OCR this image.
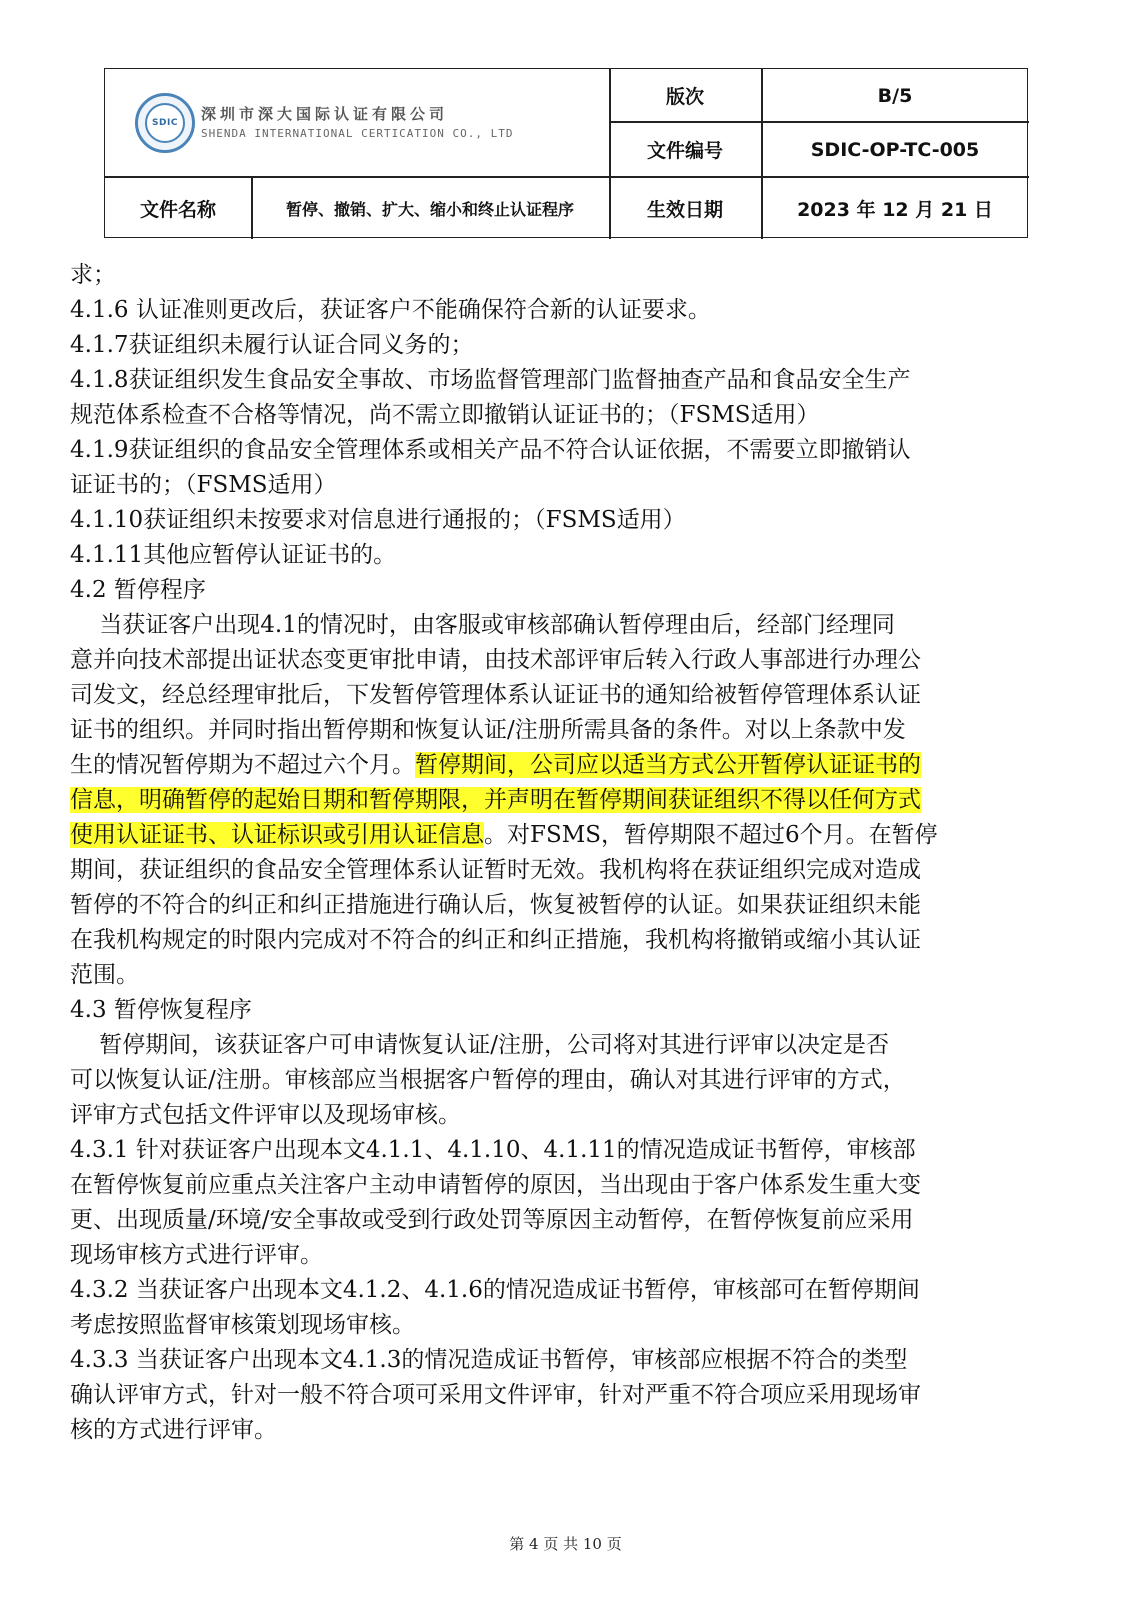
SDIC 深圳市深大国际认证有限公司
SHENDA INTERNATIONAL CERTICATION CO., LTD
版次	B/5
文件编号	SDIC-OP-TC-005
文件名称	暂停、撤销、扩大、缩小和终止认证程序	生效日期	2023 年 12 月 21 日
求；
4.1.6 认证准则更改后，获证客户不能确保符合新的认证要求。
4.1.7获证组织未履行认证合同义务的；
4.1.8获证组织发生食品安全事故、市场监督管理部门监督抽查产品和食品安全生产
规范体系检查不合格等情况，尚不需立即撤销认证证书的；（FSMS适用）
4.1.9获证组织的食品安全管理体系或相关产品不符合认证依据，不需要立即撤销认
证证书的；（FSMS适用）
4.1.10获证组织未按要求对信息进行通报的；（FSMS适用）
4.1.11其他应暂停认证证书的。
4.2 暂停程序
当获证客户出现4.1的情况时，由客服或审核部确认暂停理由后，经部门经理同
意并向技术部提出证状态变更审批申请，由技术部评审后转入行政人事部进行办理公
司发文，经总经理审批后，下发暂停管理体系认证证书的通知给被暂停管理体系认证
证书的组织。并同时指出暂停期和恢复认证/注册所需具备的条件。对以上条款中发
生的情况暂停期为不超过六个月。暂停期间，公司应以适当方式公开暂停认证证书的
信息，明确暂停的起始日期和暂停期限，并声明在暂停期间获证组织不得以任何方式
使用认证证书、认证标识或引用认证信息。对FSMS，暂停期限不超过6个月。在暂停
期间，获证组织的食品安全管理体系认证暂时无效。我机构将在获证组织完成对造成
暂停的不符合的纠正和纠正措施进行确认后，恢复被暂停的认证。如果获证组织未能
在我机构规定的时限内完成对不符合的纠正和纠正措施，我机构将撤销或缩小其认证
范围。
4.3 暂停恢复程序
暂停期间，该获证客户可申请恢复认证/注册，公司将对其进行评审以决定是否
可以恢复认证/注册。审核部应当根据客户暂停的理由，确认对其进行评审的方式，
评审方式包括文件评审以及现场审核。
4.3.1 针对获证客户出现本文4.1.1、4.1.10、4.1.11的情况造成证书暂停，审核部
在暂停恢复前应重点关注客户主动申请暂停的原因，当出现由于客户体系发生重大变
更、出现质量/环境/安全事故或受到行政处罚等原因主动暂停，在暂停恢复前应采用
现场审核方式进行评审。
4.3.2 当获证客户出现本文4.1.2、4.1.6的情况造成证书暂停，审核部可在暂停期间
考虑按照监督审核策划现场审核。
4.3.3 当获证客户出现本文4.1.3的情况造成证书暂停，审核部应根据不符合的类型
确认评审方式，针对一般不符合项可采用文件评审，针对严重不符合项应采用现场审
核的方式进行评审。
第 4 页 共 10 页
